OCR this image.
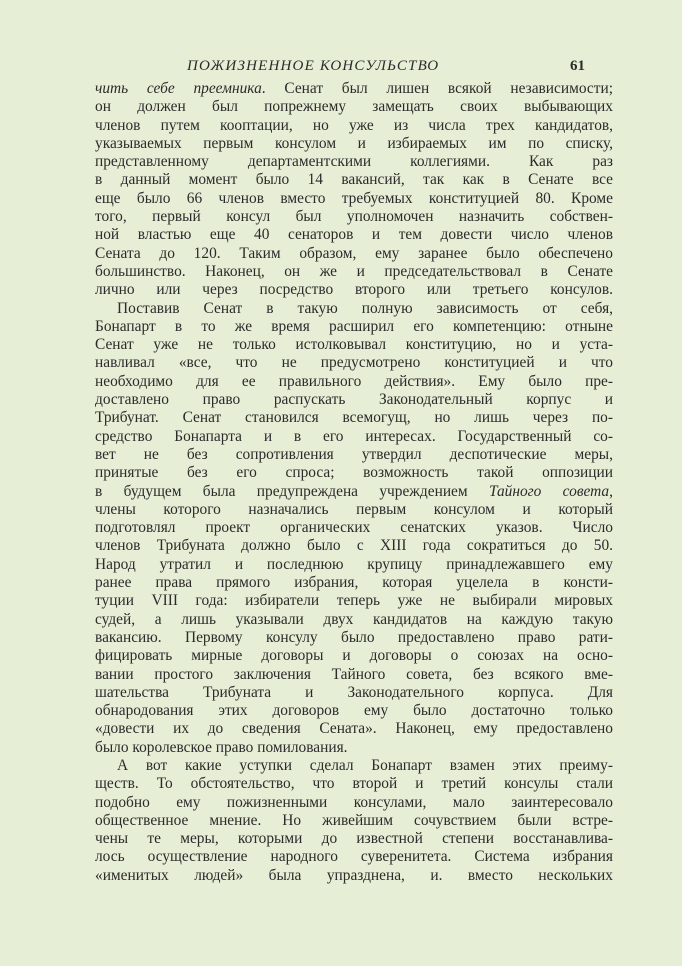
ПОЖИЗНЕННОЕ КОНСУЛЬСТВО	61
чить себе преемника. Сенат был лишен всякой независимости;
он должен был попрежнему замещать своих выбывающих
членов путем кооптации, но уже из числа трех кандидатов,
указываемых первым консулом и избираемых им по списку,
представленному департаментскими коллегиями. Как раз
в данный момент было 14 вакансий, так как в Сенате все
еще было 66 членов вместо требуемых конституцией 80. Кроме
того, первый консул был уполномочен назначить собствен-
ной властью еще 40 сенаторов и тем довести число членов
Сената до 120. Таким образом, ему заранее было обеспечено
большинство. Наконец, он же и председательствовал в Сенате
лично или через посредство второго или третьего консулов.
Поставив Сенат в такую полную зависимость от себя,
Бонапарт в то же время расширил его компетенцию: отныне
Сенат уже не только истолковывал конституцию, но и уста-
навливал «все, что не предусмотрено конституцией и что
необходимо для ее правильного действия». Ему было пре-
доставлено право распускать Законодательный корпус и
Трибунат. Сенат становился всемогущ, но лишь через по-
средство Бонапарта и в его интересах. Государственный со-
вет не без сопротивления утвердил деспотические меры,
принятые без его спроса; возможность такой оппозиции
в будущем была предупреждена учреждением Тайного совета,
члены которого назначались первым консулом и который
подготовлял проект органических сенатских указов. Число
членов Трибуната должно было с XIII года сократиться до 50.
Народ утратил и последнюю крупицу принадлежавшего ему
ранее права прямого избрания, которая уцелела в консти-
туции VIII года: избиратели теперь уже не выбирали мировых
судей, а лишь указывали двух кандидатов на каждую такую
вакансию. Первому консулу было предоставлено право рати-
фицировать мирные договоры и договоры о союзах на осно-
вании простого заключения Тайного совета, без всякого вме-
шательства Трибуната и Законодательного корпуса. Для
обнародования этих договоров ему было достаточно только
«довести их до сведения Сената». Наконец, ему предоставлено
было королевское право помилования.
А вот какие уступки сделал Бонапарт взамен этих преиму-
ществ. То обстоятельство, что второй и третий консулы стали
подобно ему пожизненными консулами, мало заинтересовало
общественное мнение. Но живейшим сочувствием были встре-
чены те меры, которыми до известной степени восстанавлива-
лось осуществление народного суверенитета. Система избрания
«именитых людей» была упразднена, и. вместо нескольких
